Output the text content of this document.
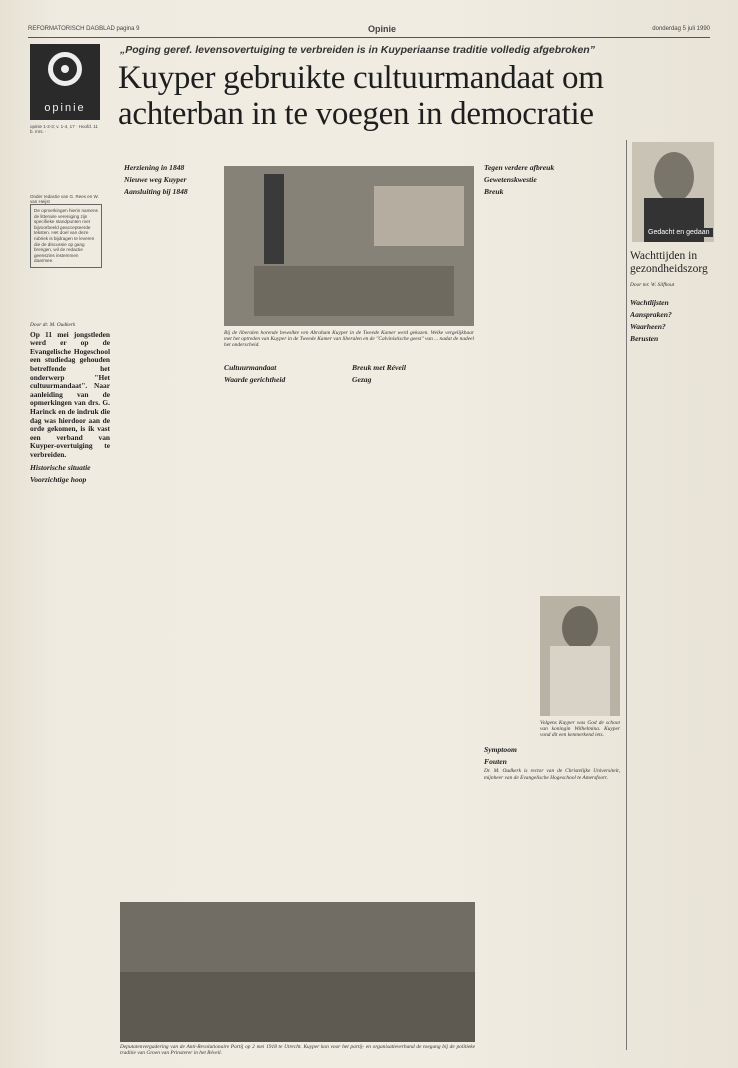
REFORMATORISCH DAGBLAD pagina 9	Opinie	donderdag 5 juli 1990
opinie
„Poging geref. levensovertuiging te verbreiden is in Kuyperiaanse traditie volledig afgebroken”
Kuyper gebruikte cultuurmandaat om achterban in te voegen in democratie
opinie 1-2-3; v. 1-4, 17 · Hoofd. 11 b. mrs. ·
Onder redactie van G. Rees en W. van Heijst
De opmerkingen hierin namens de litteraire vereniging zijn specifieke standpunten met bijvoorbeeld geaccepteerde teksten. Het doel van deze rubriek is bijdragen te leveren die de discussie op gang brengen, wil de redactie geenszins instemmen daarmee.
Gedacht en gedaan

Door dr. M. Oudkerk

Op 11 mei jongstleden werd er op de Evangelische Hogeschool een studiedag gehouden betreffende het onderwerp "Het cultuurmandaat". Naar aanleiding van de opmerkingen van drs. G. Harinck en de indruk die dag was hierdoor aan de orde gekomen, is ik vast een verband van Kuyper-overtuiging te verbreiden.

Historische situatie

Voorzichtige hoop

Herziening in 1848

Nieuwe weg Kuyper

Aansluiting bij 1848

Bij de liberalen horende bewolkte ven Abraham Kuyper in de Tweede Kamer werd gekozen. Welke vergelijkbaar met het optreden van Kuyper in de Tweede Kamer van liberalen en de "Calvinistische geest" van ... nadat de nadeel het onderscheid.

Cultuurmandaat

Waarde gerichtheid

Breuk met Réveil

Gezag

Tegen verdere afbreuk

Gewetenskwestie

Breuk

Volgens Kuyper was God de schoot van koningin Wilhelmina. Kuyper vond dit een kenmerkend iets.

Symptoom

Fouten

Dr. M. Oudkerk is rector van de Christelijke Universiteit, mijnheer van de Evangelische Hogeschool te Amersfoort.

Deputatenvergadering van de Anti-Revolutionaire Partij op 2 mei 1918 te Utrecht. Kuyper kon voor het partij- en organisatieverband de toegang bij de politieke traditie van Groen van Prinsterer in het Réveil.
Wachttijden in gezondheidszorg
Door mr. W. Silfhout

Wachtlijsten

Aanspraken?

Waarheen?

Berusten
